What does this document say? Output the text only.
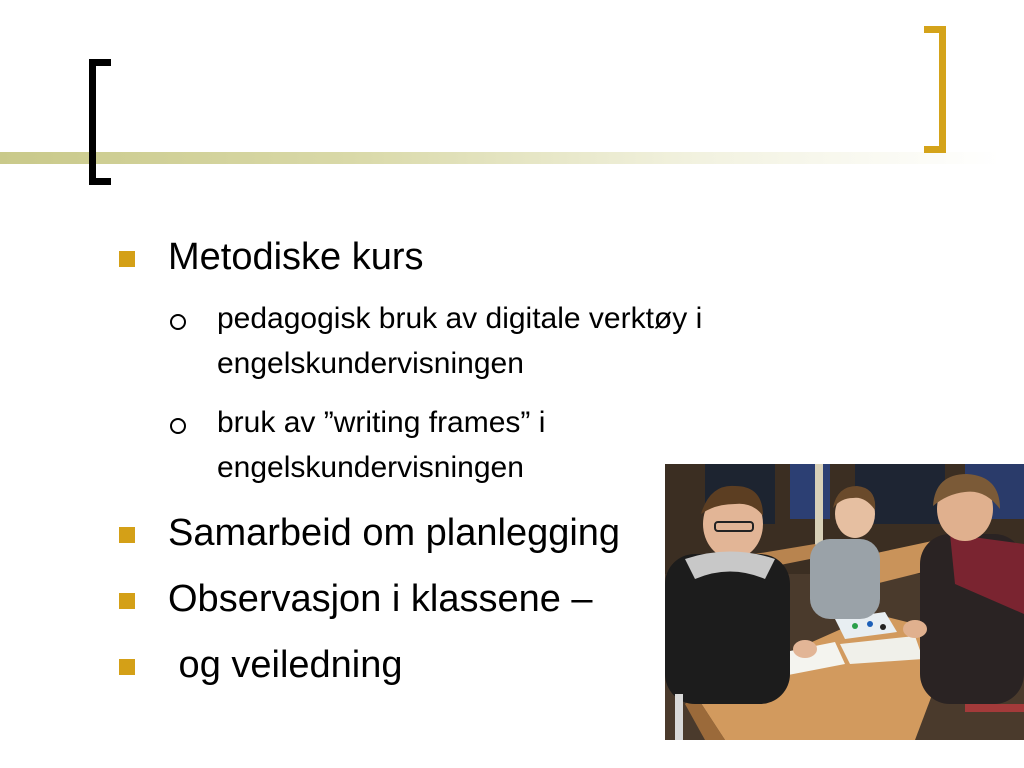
Metodiske kurs
pedagogisk bruk av digitale verktøy i engelskundervisningen
bruk av ”writing frames” i engelskundervisningen
Samarbeid om planlegging
Observasjon i klassene –
og veiledning
